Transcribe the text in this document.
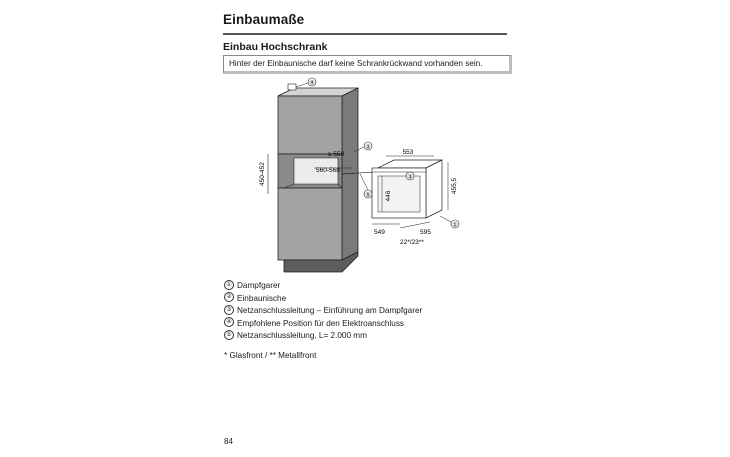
Einbaumaße
Einbau Hochschrank
Hinter der Einbaunische darf keine Schrankrückwand vorhanden sein.
④
450-452
≥ 550
560-568
②
⑤
③
①
553
455,5
446
549	595
22*/23**
① Dampfgarer
② Einbaunische
③ Netzanschlussleitung – Einführung am Dampfgarer
④ Empfohlene Position für den Elektroanschluss
⑤ Netzanschlussleitung, L= 2.000 mm
* Glasfront / ** Metallfront
84
